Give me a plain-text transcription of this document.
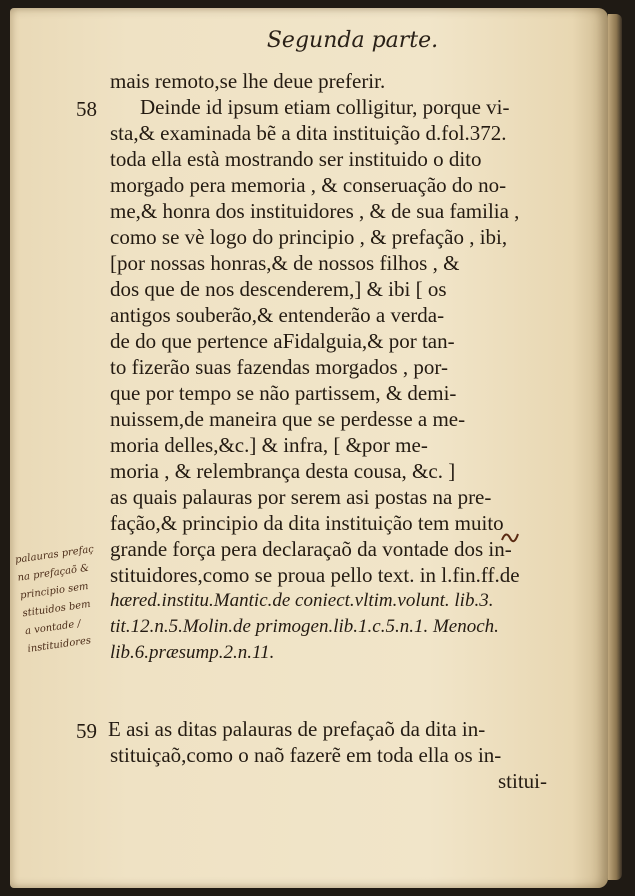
Segunda parte.
58
59
mais remoto,se lhe deue preferir.
Deinde id ipsum etiam colligitur, porque vi-
sta,& examinada bẽ a dita instituição d.fol.372.
toda ella està mostrando ser instituido o dito
morgado pera memoria , & conseruação do no-
me,& honra dos instituidores , & de sua familia ,
como se vè logo do principio , & prefação , ibi,
[por nossas honras,& de nossos filhos , &
dos que de nos descenderem,] & ibi [ os
antigos souberão,& entenderão a verda-
de do que pertence aFidalguia,& por tan-
to fizerão suas fazendas morgados , por-
que por tempo se não partissem, & demi-
nuissem,de maneira que se perdesse a me-
moria delles,&c.] & infra, [ &por me-
moria , & relembrança desta cousa, &c. ]
as quais palauras por serem asi postas na pre-
fação,& principio da dita instituição tem muito
grande força pera declaraçaõ da vontade dos in-
stituidores,como se proua pello text. in l.fin.ff.de
hæred.institu.Mantic.de coniect.vltim.volunt. lib.3.
tit.12.n.5.Molin.de primogen.lib.1.c.5.n.1. Menoch.
lib.6.præsump.2.n.11.
E asi as ditas palauras de prefaçaõ da dita in-
stituiçaõ,como o naõ fazerẽ em toda ella os in-
stitui-
palauras prefaç
na prefaçaõ &
principio sem
stituidos bem
a vontade /
instituidores
